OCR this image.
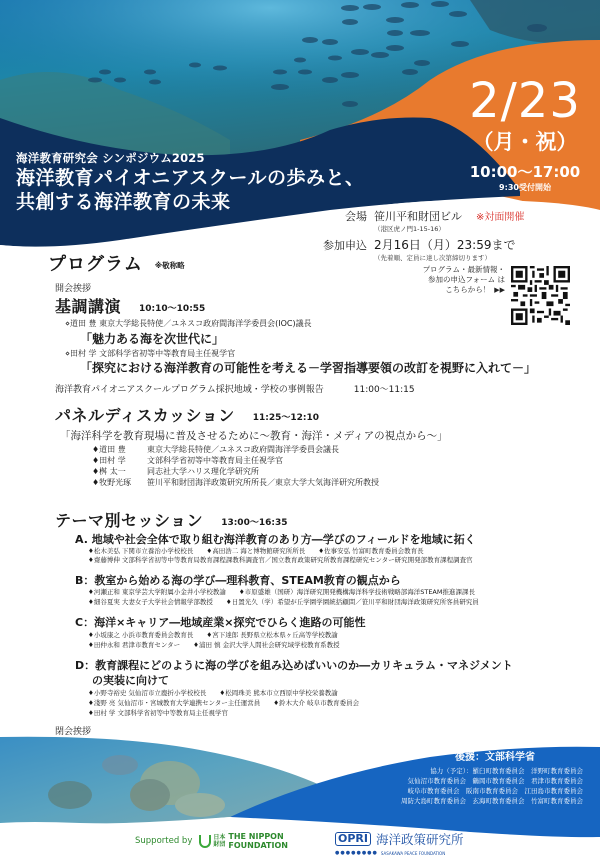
海洋教育研究会 シンポジウム2025
海洋教育パイオニアスクールの歩みと、
共創する海洋教育の未来
2/23
（月・祝）
10:00〜17:00
9:30受付開始
会場 笹川平和財団ビル ※対面開催
（港区虎ノ門1-15-16）
参加申込 2月16日（月）23:59まで
（先着順、定員に達し次第締切ります）
プログラム・最新情報・
参加の申込フォーム は
こちらから！ ▶▶
プログラム ※敬称略
開会挨拶
基調講演 10:10〜10:55
⋄道田 豊 東京大学総長特使／ユネスコ政府間海洋学委員会(IOC)議長
「魅力ある海を次世代に」
⋄田村 学 文部科学省初等中等教育局主任視学官
「探究における海洋教育の可能性を考える－学習指導要領の改訂を視野に入れて－」
海洋教育パイオニアスクールプログラム採択地域・学校の事例報告	11:00〜11:15
パネルディスカッション 11:25〜12:10
「海洋科学を教育現場に普及させるために〜教育・海洋・メディアの視点から〜」
♦道田 豊	東京大学総長特使／ユネスコ政府間海洋学委員会議長
♦田村 学	文部科学省初等中等教育局主任視学官
♦桝 太一	同志社大学ハリス理化学研究所
♦牧野光琢	笹川平和財団海洋政策研究所所長／東京大学大気海洋研究所教授
テーマ別セッション 13:00〜16:35
A. 地域や社会全体で取り組む海洋教育のあり方―学びのフィールドを地域に拓く
♦松木美弘 下関市立養治小学校校長　　♦高田浩二 海と博物館研究所所長　　♦佐事安弘 竹富町教育委員会教育長
♦齋藤博伸 文部科学省初等中等教育局教育課程課教科調査官／国立教育政策研究所教育課程研究センター研究開発部教育課程調査官
B：教室から始める海の学び―理科教育、STEAM教育の観点から
♦河瀬正和 東京学芸大学附属小金井小学校教諭　　♦市原盛雄（国研）海洋研究開発機構海洋科学技術戦略部海洋STEAM推進課課長
♦細谷夏実 大妻女子大学社会情報学部教授　　♦日置光久（学）希望が丘学園学園統括顧問／笹川平和財団海洋政策研究所客員研究員
C：海洋×キャリア―地域産業×探究でひらく進路の可能性
♦小坂康之 小浜市教育委員会教育長　　♦宮下達郎 長野県立松本県ヶ丘高等学校教諭
♦田仲永和 君津市教育センター　　♦浦田 慎 金沢大学人間社会研究域学校教育系教授
D：教育課程にどのように海の学びを組み込めばいいのか―カリキュラム・マネジメント
の実装に向けて
♦小野寺裕史 気仙沼市立鹿折小学校校長　　♦松岡珠美 熊本市立西原中学校栄養教諭
♦淺野 亮 気仙沼市・宮城教育大学連携センター主任運営員　　♦鈴木大介 岐阜市教育委員会
♦田村 学 文部科学省初等中等教育局主任視学官
閉会挨拶
後援：文部科学省
協力（予定）：羅臼町教育委員会　洋野町教育委員会
気仙沼市教育委員会　鶴岡市教育委員会　君津市教育委員会
岐阜市教育委員会　阪南市教育委員会　江田島市教育委員会
周防大島町教育委員会　玄海町教育委員会　竹富町教育委員会
Supported by	日本
財団
THE NIPPON
FOUNDATION
OPRI 海洋政策研究所
●●●●●●●● SASAKAWA PEACE FOUNDATION
